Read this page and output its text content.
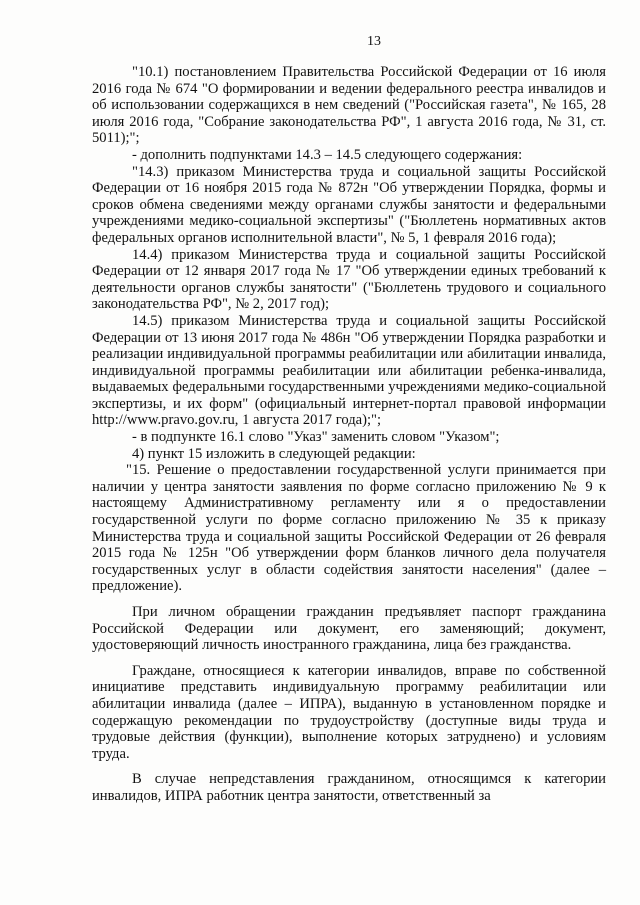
13

"10.1) постановлением Правительства Российской Федерации от 16 июля 2016 года № 674 "О формировании и ведении федерального реестра инвалидов и об использовании содержащихся в нем сведений ("Российская газета", № 165, 28 июля 2016 года, "Собрание законодательства РФ", 1 августа 2016 года, № 31, ст. 5011);";

- дополнить подпунктами 14.3 – 14.5 следующего содержания:

"14.3) приказом Министерства труда и социальной защиты Российской Федерации от 16 ноября 2015 года № 872н "Об утверждении Порядка, формы и сроков обмена сведениями между органами службы занятости и федеральными учреждениями медико-социальной экспертизы" ("Бюллетень нормативных актов федеральных органов исполнительной власти", № 5, 1 февраля 2016 года);

14.4) приказом Министерства труда и социальной защиты Российской Федерации от 12 января 2017 года № 17 "Об утверждении единых требований к деятельности органов службы занятости" ("Бюллетень трудового и социального законодательства РФ", № 2, 2017 год);

14.5) приказом Министерства труда и социальной защиты Российской Федерации от 13 июня 2017 года № 486н "Об утверждении Порядка разработки и реализации индивидуальной программы реабилитации или абилитации инвалида, индивидуальной программы реабилитации или абилитации ребенка-инвалида, выдаваемых федеральными государственными учреждениями медико-социальной экспертизы, и их форм" (официальный интернет-портал правовой информации http://www.pravo.gov.ru, 1 августа 2017 года);";

- в подпункте 16.1 слово "Указ" заменить словом "Указом";

4) пункт 15 изложить в следующей редакции:

"15. Решение о предоставлении государственной услуги принимается при наличии у центра занятости заявления по форме согласно приложению № 9 к настоящему Административному регламенту или я о предоставлении государственной услуги по форме согласно приложению № 35 к приказу Министерства труда и социальной защиты Российской Федерации от 26 февраля 2015 года № 125н "Об утверждении форм бланков личного дела получателя государственных услуг в области содействия занятости населения" (далее – предложение).

При личном обращении гражданин предъявляет паспорт гражданина Российской Федерации или документ, его заменяющий; документ, удостоверяющий личность иностранного гражданина, лица без гражданства.

Граждане, относящиеся к категории инвалидов, вправе по собственной инициативе представить индивидуальную программу реабилитации или абилитации инвалида (далее – ИПРА), выданную в установленном порядке и содержащую рекомендации по трудоустройству (доступные виды труда и трудовые действия (функции), выполнение которых затруднено) и условиям труда.

В случае непредставления гражданином, относящимся к категории инвалидов, ИПРА работник центра занятости, ответственный за
